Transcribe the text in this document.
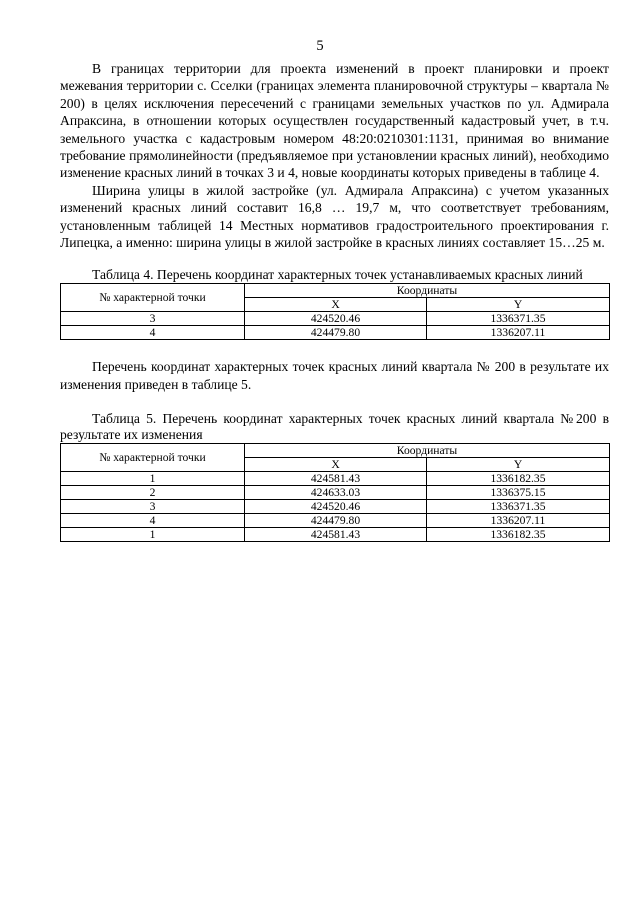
5

В границах территории для проекта изменений в проект планировки и проект межевания территории с. Сселки (границах элемента планировочной структуры – квартала № 200) в целях исключения пересечений с границами земельных участков по ул. Адмирала Апраксина, в отношении которых осуществлен государственный кадастровый учет, в т.ч. земельного участка с кадастровым номером 48:20:0210301:1131, принимая во внимание требование прямолинейности (предъявляемое при установлении красных линий), необходимо изменение красных линий в точках 3 и 4, новые координаты которых приведены в таблице 4.

Ширина улицы в жилой застройке (ул. Адмирала Апраксина) с учетом указанных изменений красных линий составит 16,8 … 19,7 м, что соответствует требованиям, установленным таблицей 14 Местных нормативов градостроительного проектирования г. Липецка, а именно: ширина улицы в жилой застройке в красных линиях составляет 15…25 м.

Таблица 4. Перечень координат характерных точек устанавливаемых красных линий

№ характерной точки	Координаты	
	X	Y
3	424520.46	1336371.35
4	424479.80	1336207.11

Перечень координат характерных точек красных линий квартала № 200 в результате их изменения приведен в таблице 5.

Таблица 5. Перечень координат характерных точек красных линий квартала №200 в результате их изменения

№ характерной точки	Координаты	
	X	Y
1	424581.43	1336182.35
2	424633.03	1336375.15
3	424520.46	1336371.35
4	424479.80	1336207.11
1	424581.43	1336182.35
